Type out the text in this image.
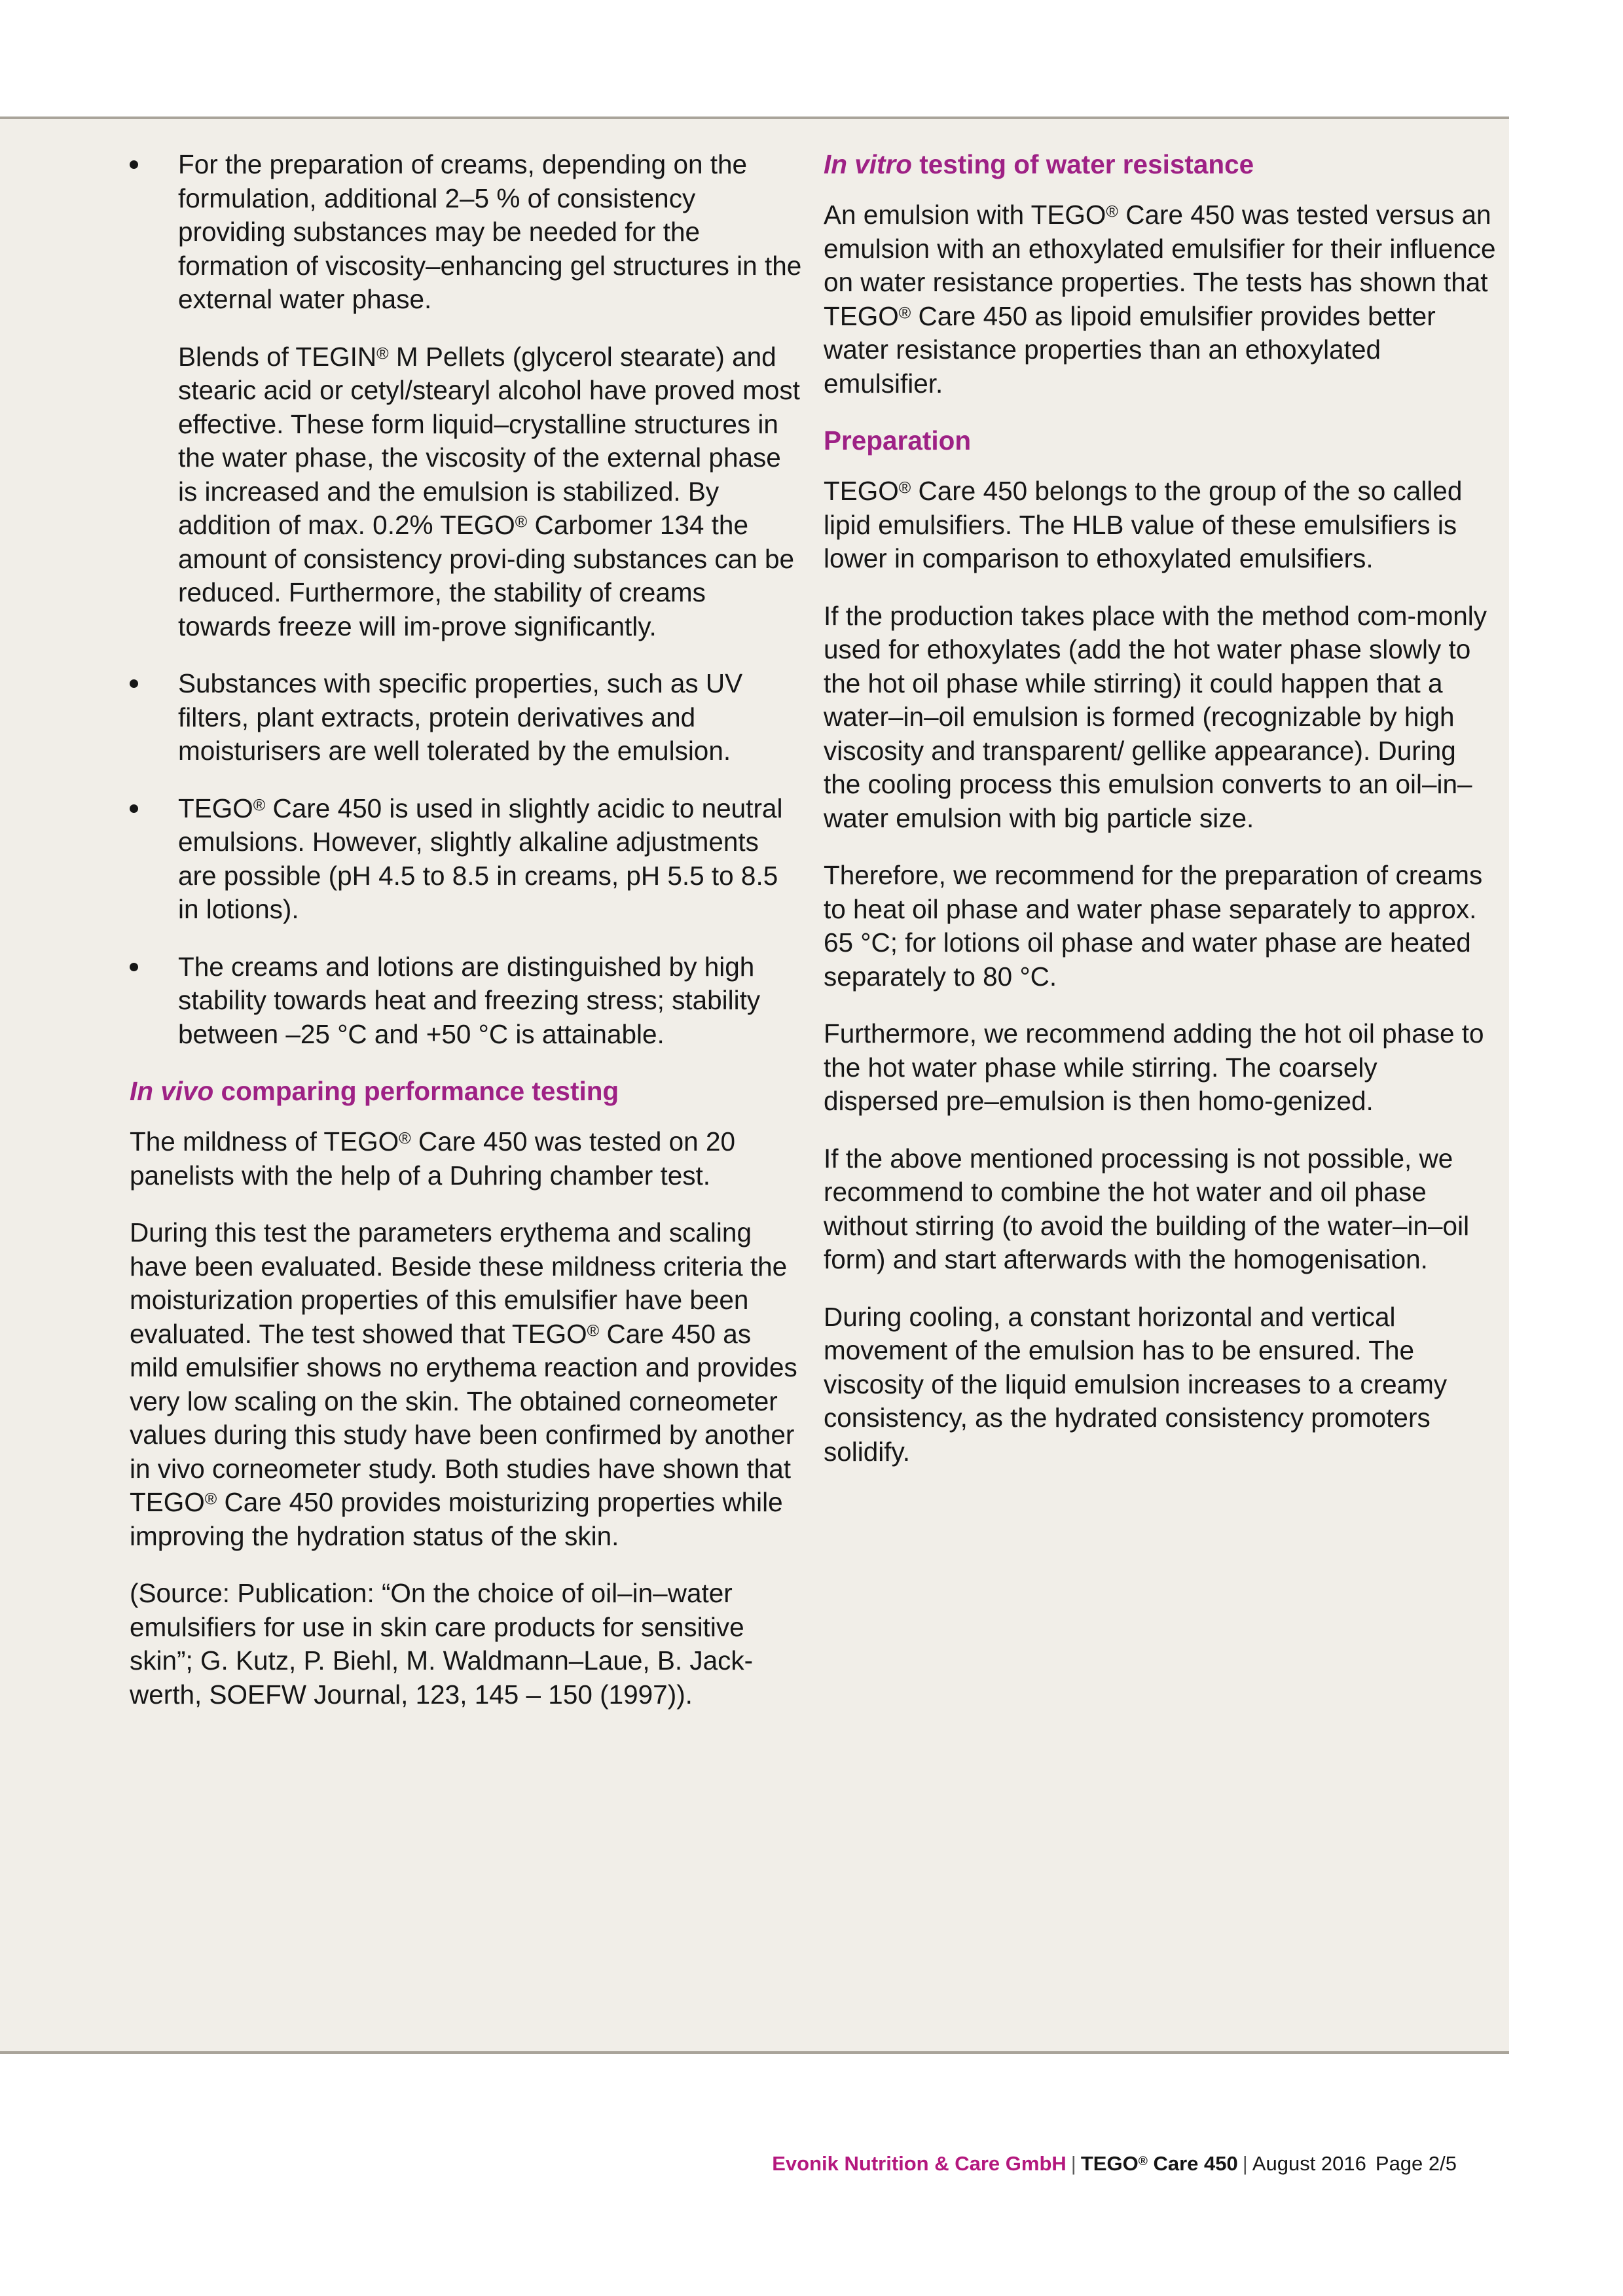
For the preparation of creams, depending on the formulation, additional 2–5 % of consistency providing substances may be needed for the formation of viscosity–enhancing gel structures in the external water phase.

Blends of TEGIN® M Pellets (glycerol stearate) and stearic acid or cetyl/stearyl alcohol have proved most effective. These form liquid–crystalline structures in the water phase, the viscosity of the external phase is increased and the emulsion is stabilized. By addition of max. 0.2% TEGO® Carbomer 134 the amount of consistency provi-ding substances can be reduced. Furthermore, the stability of creams towards freeze will im-prove significantly.

Substances with specific properties, such as UV filters, plant extracts, protein derivatives and moisturisers are well tolerated by the emulsion.

TEGO® Care 450 is used in slightly acidic to neutral emulsions. However, slightly alkaline adjustments are possible (pH 4.5 to 8.5 in creams, pH 5.5 to 8.5 in lotions).

The creams and lotions are distinguished by high stability towards heat and freezing stress; stability between –25 °C and +50 °C is attainable.

In vivo comparing performance testing

The mildness of TEGO® Care 450 was tested on 20 panelists with the help of a Duhring chamber test.

During this test the parameters erythema and scaling have been evaluated. Beside these mildness criteria the moisturization properties of this emulsifier have been evaluated. The test showed that TEGO® Care 450 as mild emulsifier shows no erythema reaction and provides very low scaling on the skin. The obtained corneometer values during this study have been confirmed by another in vivo corneometer study. Both studies have shown that TEGO® Care 450 provides moisturizing properties while improving the hydration status of the skin.

(Source: Publication: “On the choice of oil–in–water emulsifiers for use in skin care products for sensitive skin”; G. Kutz, P. Biehl, M. Waldmann–Laue, B. Jack-werth, SOEFW Journal, 123, 145 – 150 (1997)).

In vitro testing of water resistance

An emulsion with TEGO® Care 450 was tested versus an emulsion with an ethoxylated emulsifier for their influence on water resistance properties. The tests has shown that TEGO® Care 450 as lipoid emulsifier provides better water resistance properties than an ethoxylated emulsifier.

Preparation

TEGO® Care 450 belongs to the group of the so called lipid emulsifiers. The HLB value of these emulsifiers is lower in comparison to ethoxylated emulsifiers.

If the production takes place with the method com-monly used for ethoxylates (add the hot water phase slowly to the hot oil phase while stirring) it could happen that a water–in–oil emulsion is formed (recognizable by high viscosity and transparent/ gellike appearance). During the cooling process this emulsion converts to an oil–in–water emulsion with big particle size.

Therefore, we recommend for the preparation of creams to heat oil phase and water phase separately to approx. 65 °C; for lotions oil phase and water phase are heated separately to 80 °C.

Furthermore, we recommend adding the hot oil phase to the hot water phase while stirring. The coarsely dispersed pre–emulsion is then homo-genized.

If the above mentioned processing is not possible, we recommend to combine the hot water and oil phase without stirring (to avoid the building of the water–in–oil form) and start afterwards with the homogenisation.

During cooling, a constant horizontal and vertical movement of the emulsion has to be ensured. The viscosity of the liquid emulsion increases to a creamy consistency, as the hydrated consistency promoters solidify.

Evonik Nutrition & Care GmbH | TEGO® Care 450 | August 2016 Page 2/5
